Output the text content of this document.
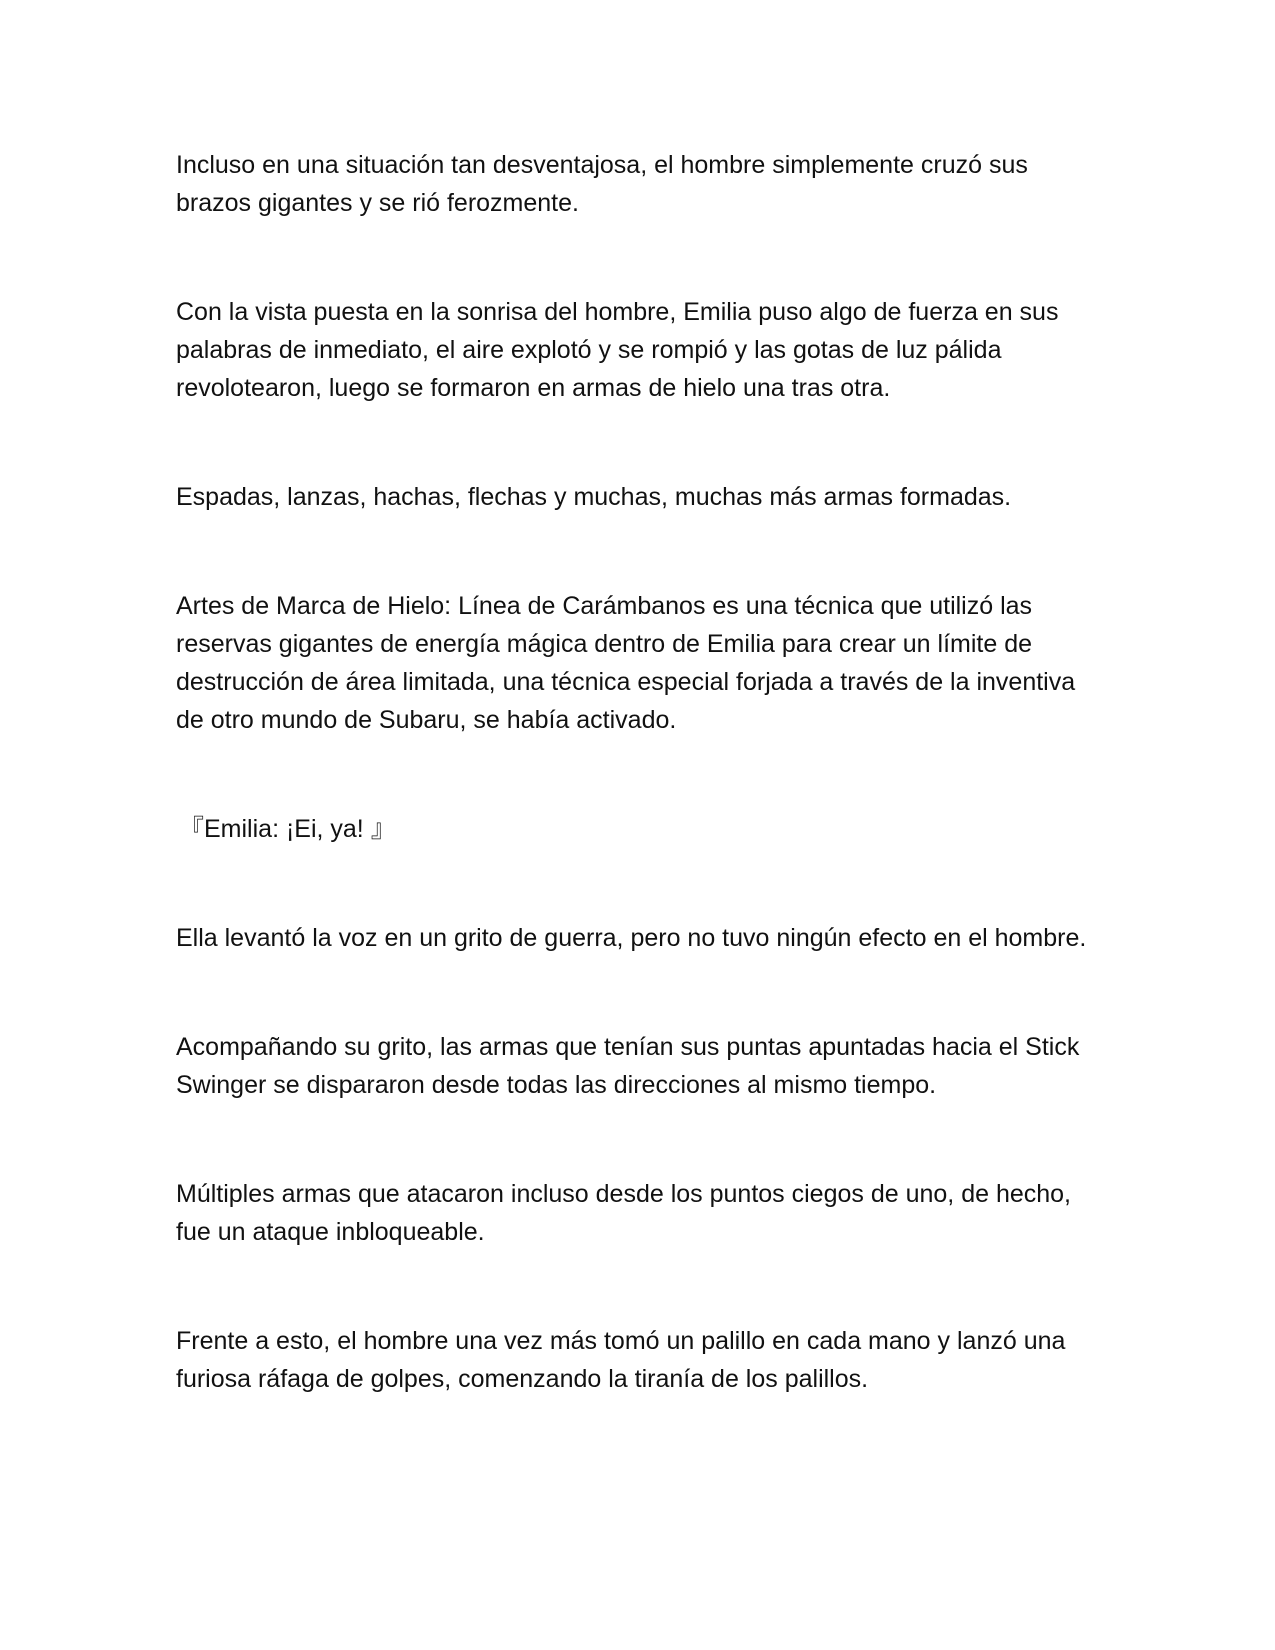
Incluso en una situación tan desventajosa, el hombre simplemente cruzó sus brazos gigantes y se rió ferozmente.

Con la vista puesta en la sonrisa del hombre, Emilia puso algo de fuerza en sus palabras de inmediato, el aire explotó y se rompió y las gotas de luz pálida revolotearon, luego se formaron en armas de hielo una tras otra.

Espadas, lanzas, hachas, flechas y muchas, muchas más armas formadas.

Artes de Marca de Hielo: Línea de Carámbanos es una técnica que utilizó las reservas gigantes de energía mágica dentro de Emilia para crear un límite de destrucción de área limitada, una técnica especial forjada a través de la inventiva de otro mundo de Subaru, se había activado.

『Emilia: ¡Ei, ya! 』

Ella levantó la voz en un grito de guerra, pero no tuvo ningún efecto en el hombre.

Acompañando su grito, las armas que tenían sus puntas apuntadas hacia el Stick Swinger se dispararon desde todas las direcciones al mismo tiempo.

Múltiples armas que atacaron incluso desde los puntos ciegos de uno, de hecho, fue un ataque inbloqueable.

Frente a esto, el hombre una vez más tomó un palillo en cada mano y lanzó una furiosa ráfaga de golpes, comenzando la tiranía de los palillos.
